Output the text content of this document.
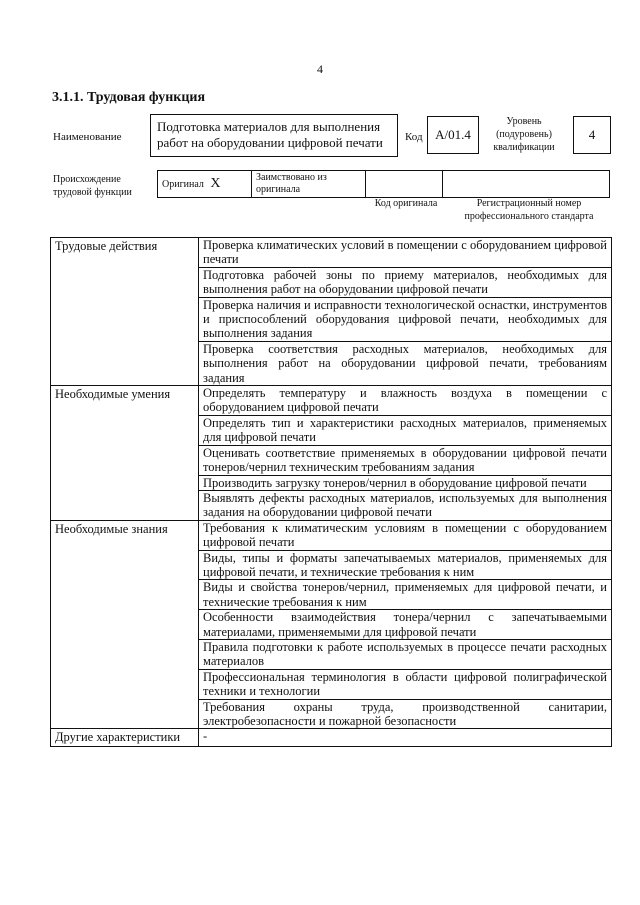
4
3.1.1. Трудовая функция
Наименование
Подготовка материалов для выполнения работ на оборудовании цифровой печати	Код А/01.4
Уровень (подуровень) квалификации
4
Происхождение трудовой функции
Оригинал Х	Заимствовано из оригинала		
Код оригинала	Регистрационный номер профессионального стандарта
Трудовые действия	Проверка климатических условий в помещении с оборудованием цифровой печати
	Подготовка рабочей зоны по приему материалов, необходимых для выполнения работ на оборудовании цифровой печати
	Проверка наличия и исправности технологической оснастки, инструментов и приспособлений оборудования цифровой печати, необходимых для выполнения задания
	Проверка соответствия расходных материалов, необходимых для выполнения работ на оборудовании цифровой печати, требованиям задания
Необходимые умения	Определять температуру и влажность воздуха в помещении с оборудованием цифровой печати
	Определять тип и характеристики расходных материалов, применяемых для цифровой печати
	Оценивать соответствие применяемых в оборудовании цифровой печати тонеров/чернил техническим требованиям задания
	Производить загрузку тонеров/чернил в оборудование цифровой печати
	Выявлять дефекты расходных материалов, используемых для выполнения задания на оборудовании цифровой печати
Необходимые знания	Требования к климатическим условиям в помещении с оборудованием цифровой печати
	Виды, типы и форматы запечатываемых материалов, применяемых для цифровой печати, и технические требования к ним
	Виды и свойства тонеров/чернил, применяемых для цифровой печати, и технические требования к ним
	Особенности взаимодействия тонера/чернил с запечатываемыми материалами, применяемыми для цифровой печати
	Правила подготовки к работе используемых в процессе печати расходных материалов
	Профессиональная терминология в области цифровой полиграфической техники и технологии
	Требования охраны труда, производственной санитарии, электробезопасности и пожарной безопасности
Другие характеристики	-
